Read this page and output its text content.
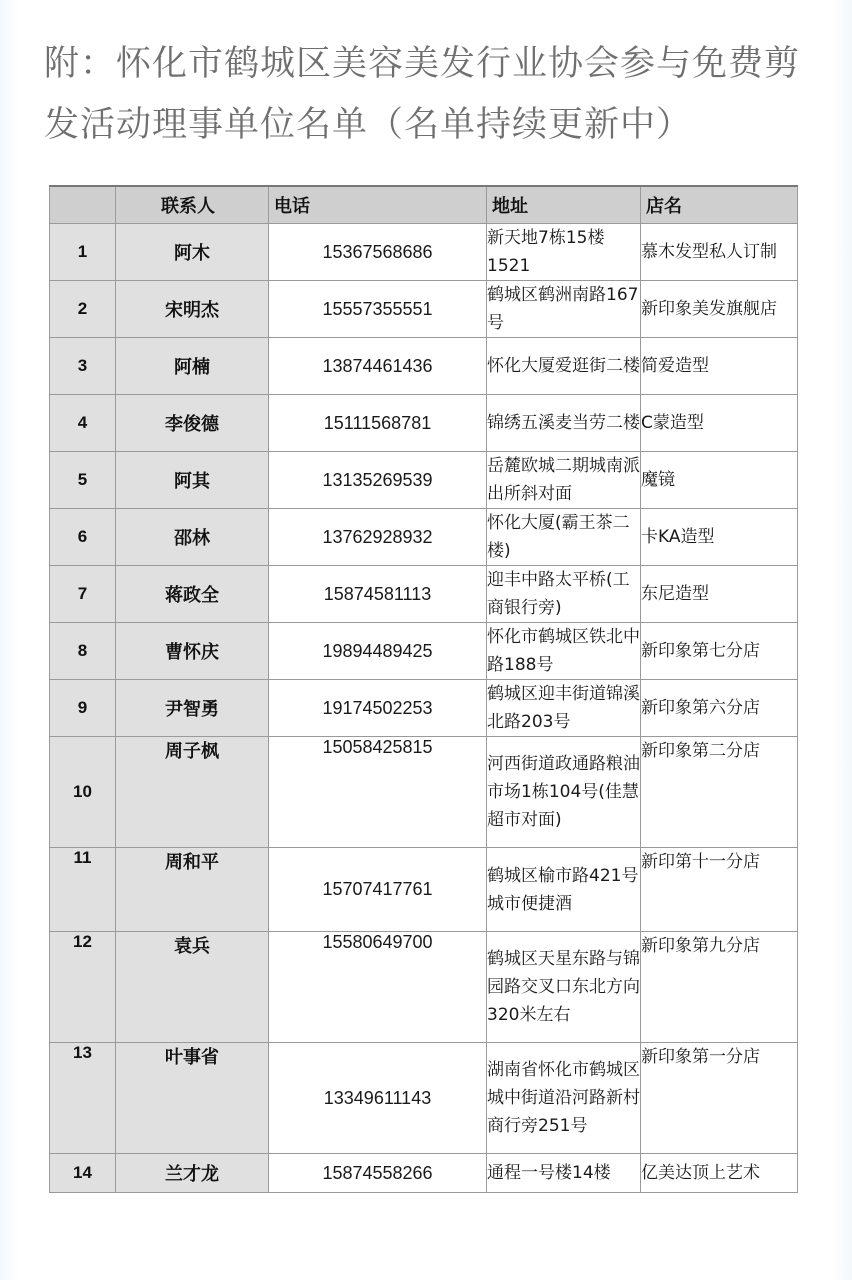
附：怀化市鹤城区美容美发行业协会参与免费剪发活动理事单位名单（名单持续更新中）

	联系人	电话	地址	店名

1	阿木	15367568686	新天地7栋15楼1521	慕木发型私人订制
2	宋明杰	15557355551	鹤城区鹤洲南路167号	新印象美发旗舰店
3	阿楠	13874461436	怀化大厦爱逛街二楼	简爱造型
4	李俊德	15111568781	锦绣五溪麦当劳二楼	C蒙造型
5	阿其	13135269539	岳麓欧城二期城南派出所斜对面	魔镜
6	邵林	13762928932	怀化大厦(霸王茶二楼)	卡KA造型
7	蒋政全	15874581113	迎丰中路太平桥(工商银行旁)	东尼造型
8	曹怀庆	19894489425	怀化市鹤城区铁北中路188号	新印象第七分店
9	尹智勇	19174502253	鹤城区迎丰街道锦溪北路203号	新印象第六分店
10	周子枫	15058425815	河西街道政通路粮油市场1栋104号(佳慧超市对面)	新印象第二分店
11	周和平	15707417761	鹤城区榆市路421号城市便捷酒	新印第十一分店
12	袁兵	15580649700	鹤城区天星东路与锦园路交叉口东北方向320米左右	新印象第九分店
13	叶事省	13349611143	湖南省怀化市鹤城区城中街道沿河路新村商行旁251号	新印象第一分店
14	兰才龙	15874558266	通程一号楼14楼	亿美达顶上艺术
